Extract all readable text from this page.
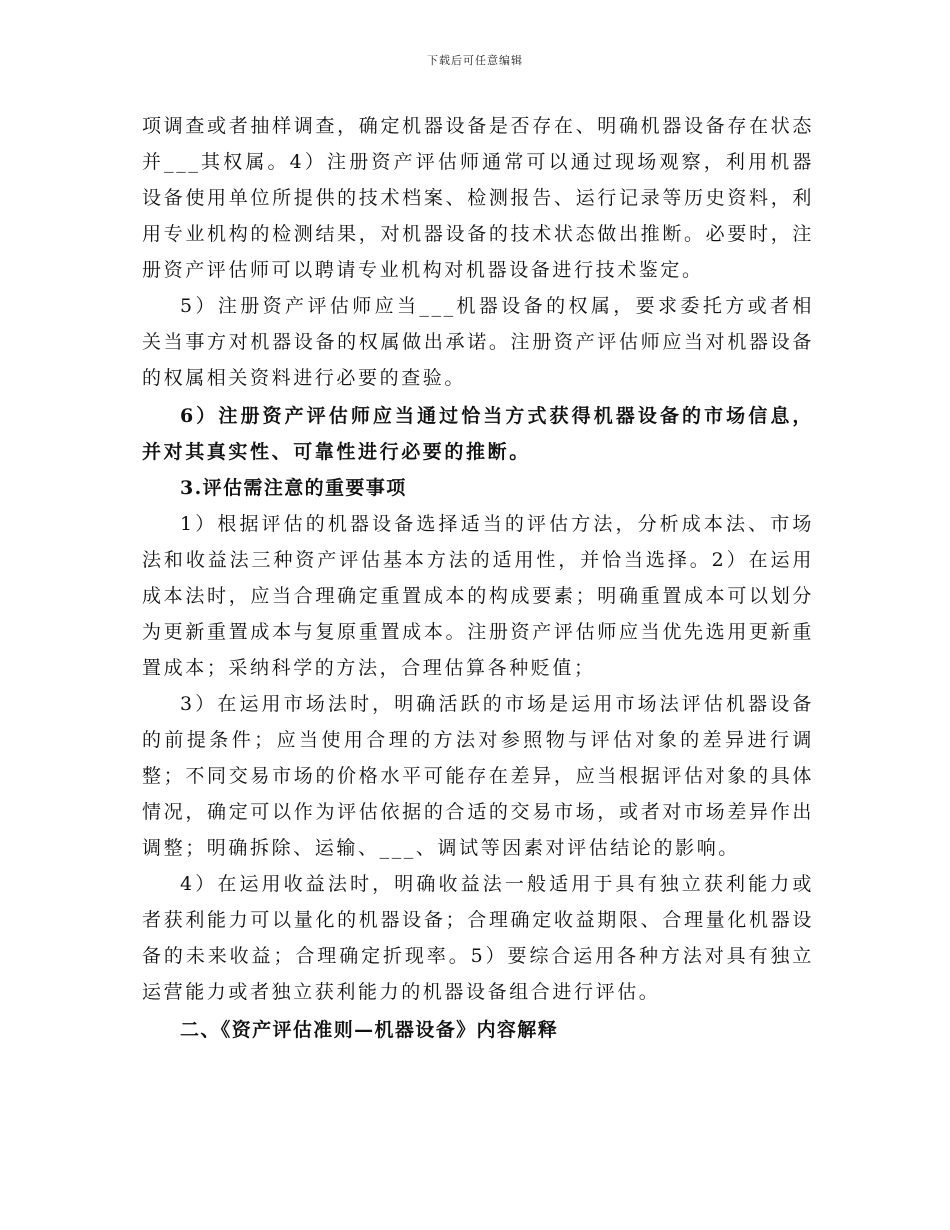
下载后可任意编辑

项调查或者抽样调查，确定机器设备是否存在、明确机器设备存在状态并___其权属。4）注册资产评估师通常可以通过现场观察，利用机器设备使用单位所提供的技术档案、检测报告、运行记录等历史资料，利用专业机构的检测结果，对机器设备的技术状态做出推断。必要时，注册资产评估师可以聘请专业机构对机器设备进行技术鉴定。

5）注册资产评估师应当___机器设备的权属，要求委托方或者相关当事方对机器设备的权属做出承诺。注册资产评估师应当对机器设备的权属相关资料进行必要的查验。

6）注册资产评估师应当通过恰当方式获得机器设备的市场信息，并对其真实性、可靠性进行必要的推断。

3.评估需注意的重要事项

1）根据评估的机器设备选择适当的评估方法，分析成本法、市场法和收益法三种资产评估基本方法的适用性，并恰当选择。2）在运用成本法时，应当合理确定重置成本的构成要素；明确重置成本可以划分为更新重置成本与复原重置成本。注册资产评估师应当优先选用更新重置成本；采纳科学的方法，合理估算各种贬值；

3）在运用市场法时，明确活跃的市场是运用市场法评估机器设备的前提条件；应当使用合理的方法对参照物与评估对象的差异进行调整；不同交易市场的价格水平可能存在差异，应当根据评估对象的具体情况，确定可以作为评估依据的合适的交易市场，或者对市场差异作出调整；明确拆除、运输、___、调试等因素对评估结论的影响。

4）在运用收益法时，明确收益法一般适用于具有独立获利能力或者获利能力可以量化的机器设备；合理确定收益期限、合理量化机器设备的未来收益；合理确定折现率。5）要综合运用各种方法对具有独立运营能力或者独立获利能力的机器设备组合进行评估。

二、《资产评估准则—机器设备》内容解释
